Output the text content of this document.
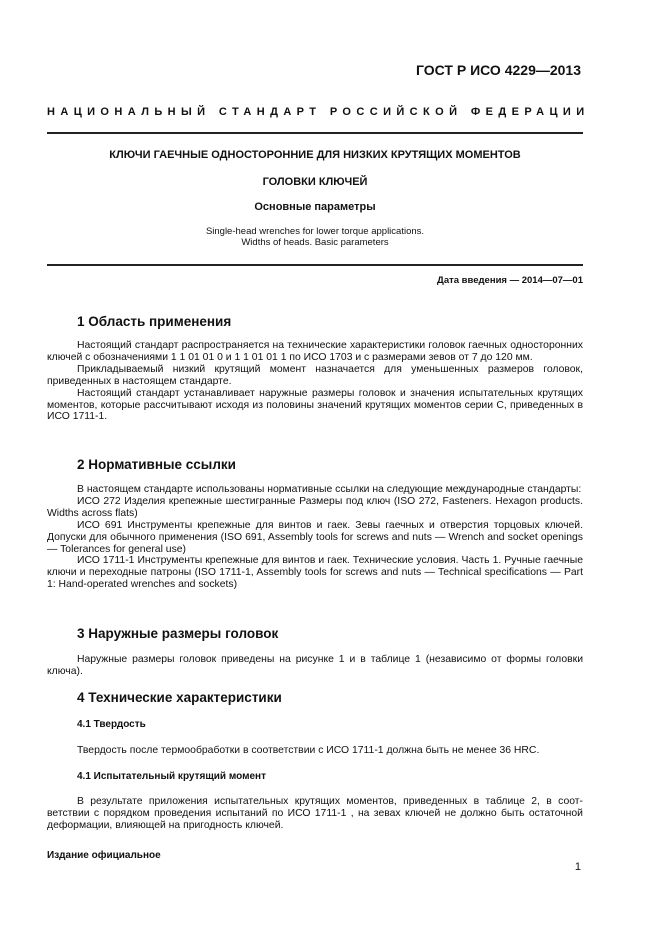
ГОСТ Р ИСО 4229—2013
НАЦИОНАЛЬНЫЙ СТАНДАРТ РОССИЙСКОЙ ФЕДЕРАЦИИ
КЛЮЧИ ГАЕЧНЫЕ ОДНОСТОРОННИЕ ДЛЯ НИЗКИХ КРУТЯЩИХ МОМЕНТОВ
ГОЛОВКИ КЛЮЧЕЙ
Основные параметры
Single-head wrenches for lower torque applications.
Widths of heads. Basic parameters
Дата введения — 2014—07—01
1 Область применения

Настоящий стандарт распространяется на технические характеристики головок гаечных односторонних ключей с обозначениями 1 1 01 01 0 и 1 1 01 01 1 по ИСО 1703 и с размерами зевов от 7 до 120 мм.

Прикладываемый низкий крутящий момент назначается для уменьшенных размеров головок, приведенных в настоящем стандарте.

Настоящий стандарт устанавливает наружные размеры головок и значения испытательных крутящих моментов, которые рассчитывают исходя из половины значений крутящих моментов серии С, приведенных в ИСО 1711-1.

2 Нормативные ссылки

В настоящем стандарте использованы нормативные ссылки на следующие международные стандарты:

ИСО 272 Изделия крепежные шестигранные Размеры под ключ (ISO 272, Fasteners. Hexagon products. Widths across flats)

ИСО 691 Инструменты крепежные для винтов и гаек. Зевы гаечных и отверстия торцовых ключей. Допуски для обычного применения (ISO 691, Assembly tools for screws and nuts — Wrench and socket openings — Tolerances for general use)

ИСО 1711-1 Инструменты крепежные для винтов и гаек. Технические условия. Часть 1. Ручные гаечные ключи и переходные патроны (ISO 1711-1, Assembly tools for screws and nuts — Technical specifications — Part 1: Hand-operated wrenches and sockets)

3 Наружные размеры головок

Наружные размеры головок приведены на рисунке 1 и в таблице 1 (независимо от формы головки ключа).

4 Технические характеристики
4.1 Твердость

Твердость после термообработки в соответствии с ИСО 1711-1 должна быть не менее 36 HRC.

4.1 Испытательный крутящий момент

В результате приложения испытательных крутящих моментов, приведенных в таблице 2, в соответствии с порядком проведения испытаний по ИСО 1711-1 , на зевах ключей не должно быть остаточной деформации, влияющей на пригодность ключей.

Издание официальное
1
